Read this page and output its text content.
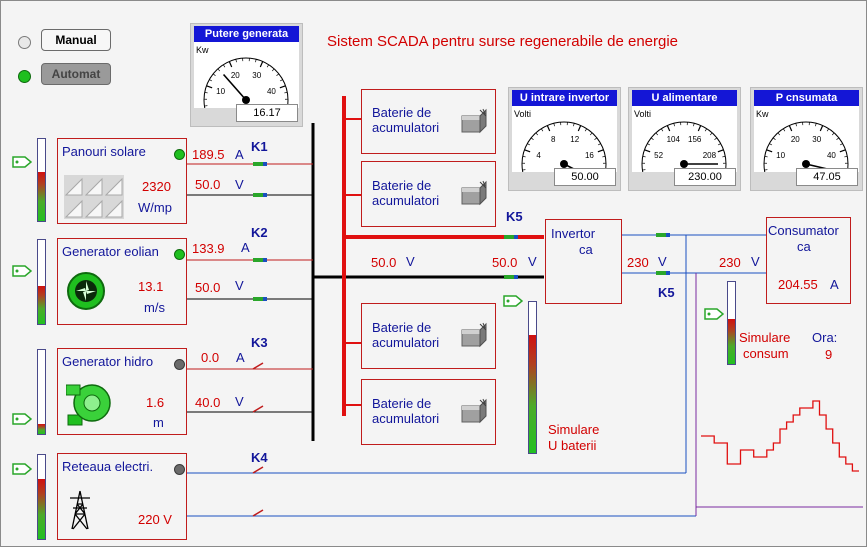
Manual
Automat
Sistem SCADA pentru surse regenerabile de energie
Putere generata
10
20 30
40
Kw
16.17
U intrare invertor
4
8 12
16
Volti
50.00
U alimentare
52
104 156
208
Volti
230.00
P cnsumata
10
20 30
40
Kw
47.05
Panouri solare
2320
W/mp
Generator eolian
13.1
m/s
Generator hidro
1.6
m
Reteaua electri.
220 V
189.5 A
K1
50.0 V
133.9 A
K2
50.0 V
0.0 A
K3
40.0 V
K4
Baterie de acumulatori
Baterie de acumulatori
Baterie de acumulatori
Baterie de acumulatori
50.0 V	50.0 V
K5
Invertor
ca
230 V
K5
Simulare
U baterii
Consumator
ca
204.55 A
230 V
Simulare
consum
Ora:
9
